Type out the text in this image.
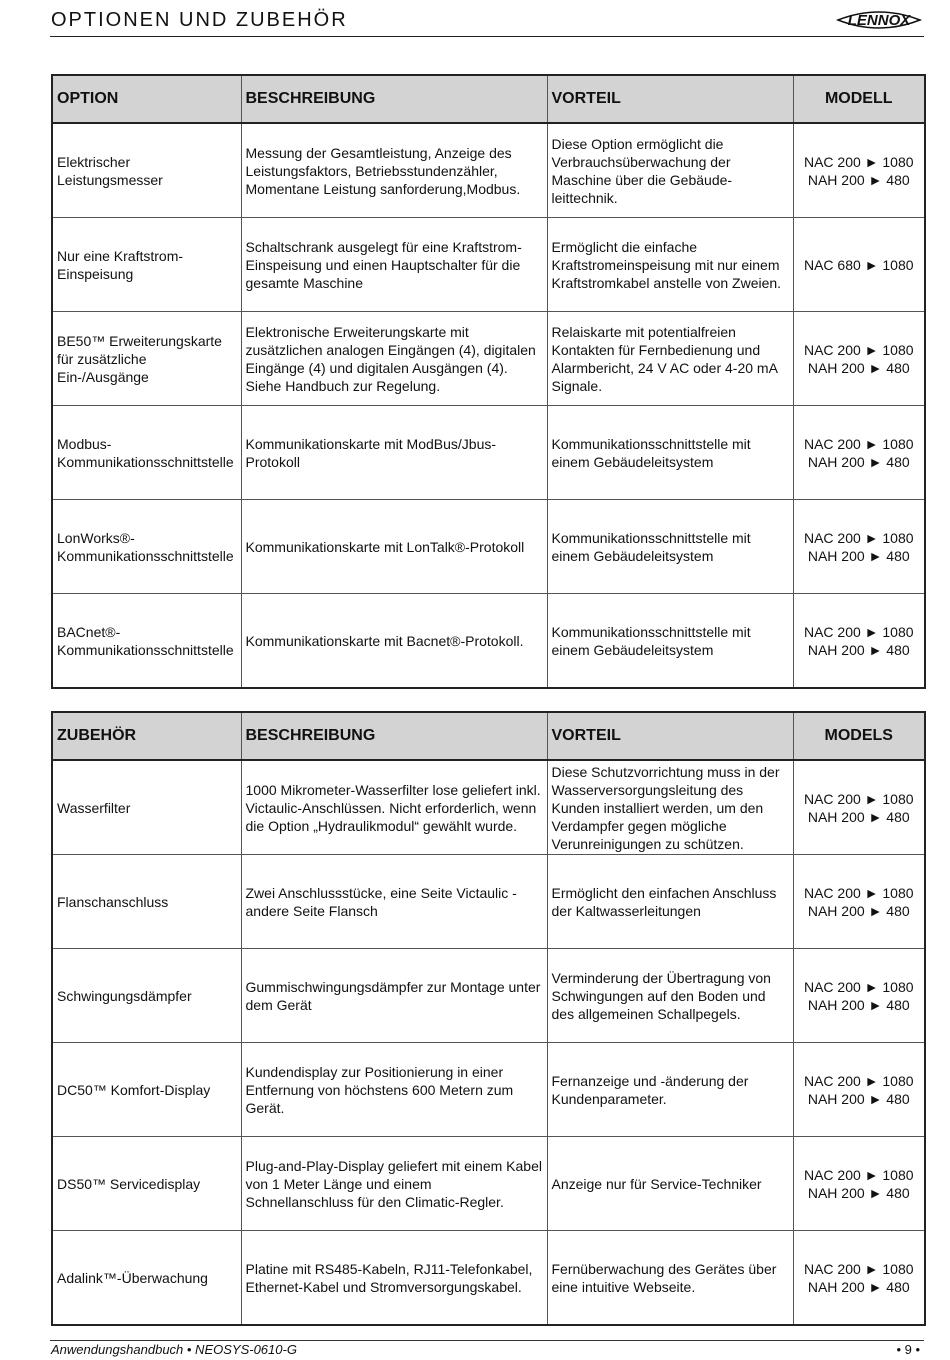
OPTIONEN UND ZUBEHÖR	LENNOX
OPTION	BESCHREIBUNG	VORTEIL	MODELL
Elektrischer Leistungsmesser	Messung der Gesamtleistung, Anzeige des Leistungsfaktors, Betriebsstundenzähler, Momentane Leistung sanforderung,Modbus.	Diese Option ermöglicht die Verbrauchsüberwachung der Maschine über die Gebäude-leittechnik.	NAC 200 ► 1080
NAH 200 ► 480

Nur eine Kraftstrom-Einspeisung	Schaltschrank ausgelegt für eine Kraftstrom-Einspeisung und einen Hauptschalter für die gesamte Maschine	Ermöglicht die einfache Kraftstromeinspeisung mit nur einem Kraftstromkabel anstelle von Zweien.	NAC 680 ► 1080

BE50™ Erweiterungskarte für zusätzliche Ein-/Ausgänge	Elektronische Erweiterungskarte mit zusätzlichen analogen Eingängen (4), digitalen Eingänge (4) und digitalen Ausgängen (4). Siehe Handbuch zur Regelung.	Relaiskarte mit potentialfreien Kontakten für Fernbedienung und Alarmbericht, 24 V AC oder 4-20 mA Signale.	NAC 200 ► 1080
NAH 200 ► 480

Modbus-Kommunikationsschnittstelle	Kommunikationskarte mit ModBus/Jbus-Protokoll	Kommunikationsschnittstelle mit einem Gebäudeleitsystem	NAC 200 ► 1080
NAH 200 ► 480

LonWorks®-Kommunikationsschnittstelle	Kommunikationskarte mit LonTalk®-Protokoll	Kommunikationsschnittstelle mit einem Gebäudeleitsystem	NAC 200 ► 1080
NAH 200 ► 480

BACnet®-Kommunikationsschnittstelle	Kommunikationskarte mit Bacnet®-Protokoll.	Kommunikationsschnittstelle mit einem Gebäudeleitsystem	NAC 200 ► 1080
NAH 200 ► 480
ZUBEHÖR	BESCHREIBUNG	VORTEIL	MODELS
Wasserfilter	1000 Mikrometer-Wasserfilter lose geliefert inkl. Victaulic-Anschlüssen. Nicht erforderlich, wenn die Option „Hydraulikmodul“ gewählt wurde.	Diese Schutzvorrichtung muss in der Wasserversorgungsleitung des Kunden installiert werden, um den Verdampfer gegen mögliche Verunreinigungen zu schützen.	NAC 200 ► 1080
NAH 200 ► 480

Flanschanschluss	Zwei Anschlussstücke, eine Seite Victaulic - andere Seite Flansch	Ermöglicht den einfachen Anschluss der Kaltwasserleitungen	NAC 200 ► 1080
NAH 200 ► 480

Schwingungsdämpfer	Gummischwingungsdämpfer zur Montage unter dem Gerät	Verminderung der Übertragung von Schwingungen auf den Boden und des allgemeinen Schallpegels.	NAC 200 ► 1080
NAH 200 ► 480

DC50™ Komfort-Display	Kundendisplay zur Positionierung in einer Entfernung von höchstens 600 Metern zum Gerät.	Fernanzeige und -änderung der Kundenparameter.	NAC 200 ► 1080
NAH 200 ► 480

DS50™ Servicedisplay	Plug-and-Play-Display geliefert mit einem Kabel von 1 Meter Länge und einem Schnellanschluss für den Climatic-Regler.	Anzeige nur für Service-Techniker	NAC 200 ► 1080
NAH 200 ► 480

Adalink™-Überwachung	Platine mit RS485-Kabeln, RJ11-Telefonkabel, Ethernet-Kabel und Stromversorgungskabel.	Fernüberwachung des Gerätes über eine intuitive Webseite.	NAC 200 ► 1080
NAH 200 ► 480
Anwendungshandbuch • NEOSYS-0610-G	• 9 •
